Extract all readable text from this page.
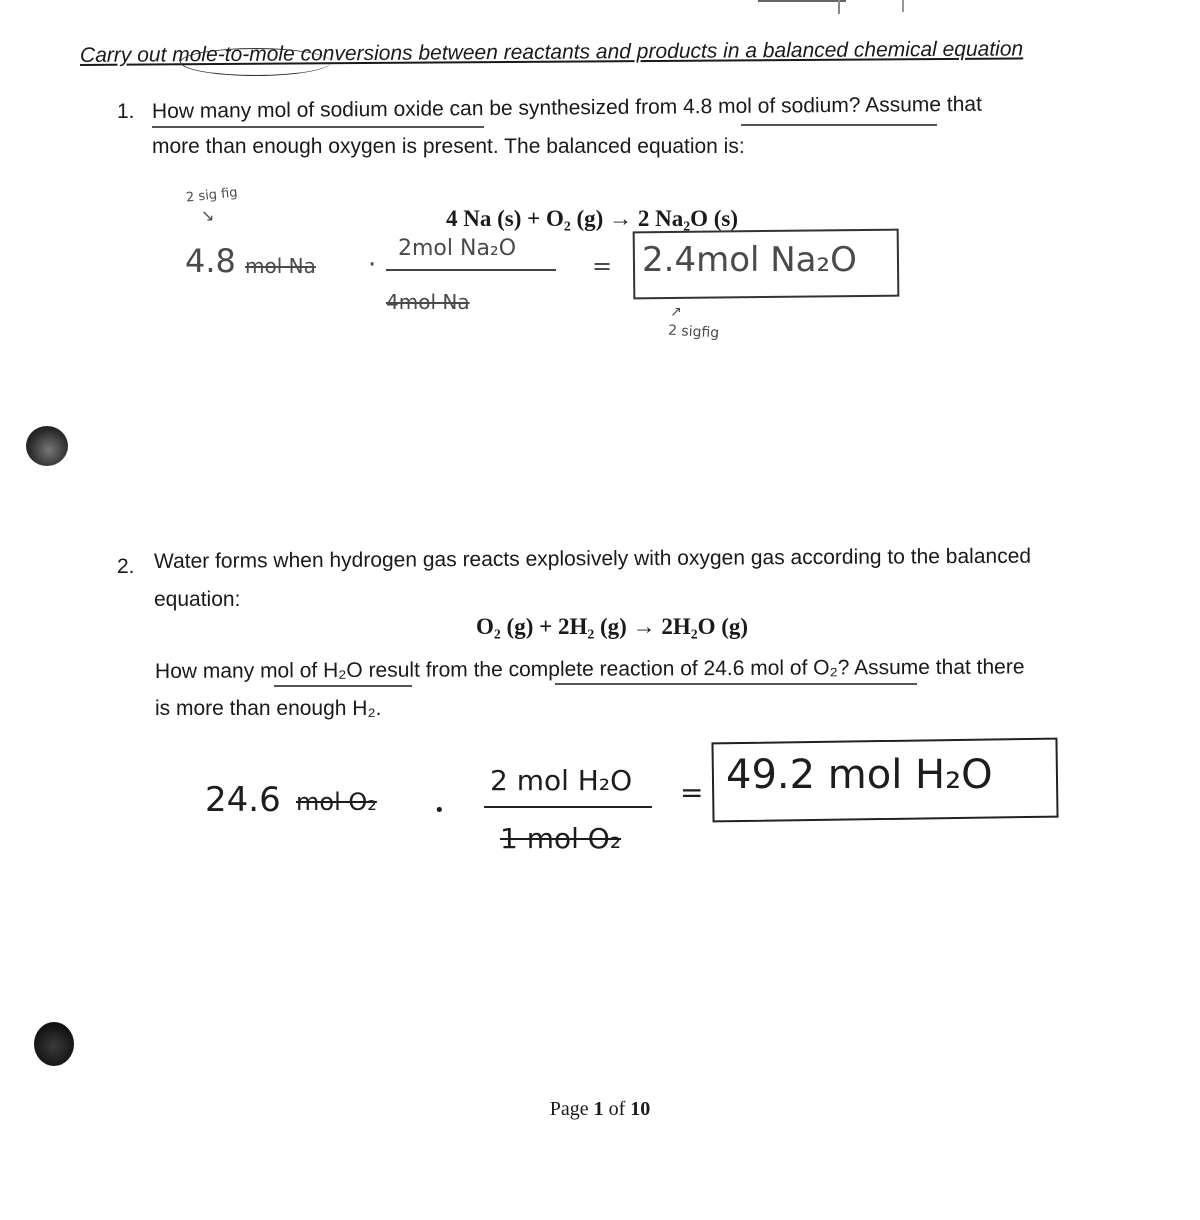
Carry out mole-to-mole conversions between reactants and products in a balanced chemical equation
1. How many mol of sodium oxide can be synthesized from 4.8 mol of sodium? Assume that
more than enough oxygen is present. The balanced equation is:
4 Na (s) + O₂ (g) → 2 Na₂O (s)
2 sig fig
↘
4.8 mol Na ·
2mol Na₂O
4mol Na
= 2.4mol Na₂O
↗
2 sigfig
2. Water forms when hydrogen gas reacts explosively with oxygen gas according to the balanced
equation:
O₂ (g) + 2H₂ (g) → 2H₂O (g)
How many mol of H₂O result from the complete reaction of 24.6 mol of O₂? Assume that there
is more than enough H₂.
24.6 mol O₂	•
2 mol H₂O
1 mol O₂
= 49.2 mol H₂O
Page 1 of 10
